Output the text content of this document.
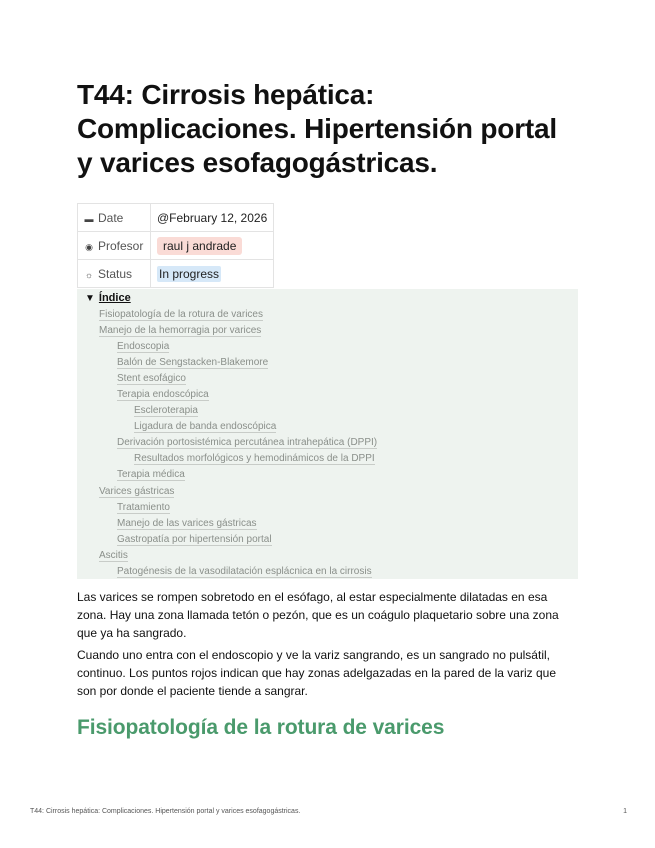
T44: Cirrosis hepática: Complicaciones. Hipertensión portal y varices esofagogástricas.
▬ Date	@February 12, 2026
◉ Profesor	raul j andrade
☼ Status	In progress
▼ Índice
Fisiopatología de la rotura de varices
Manejo de la hemorragia por varices
Endoscopia
Balón de Sengstacken-Blakemore
Stent esofágico
Terapia endoscópica
Escleroterapia
Ligadura de banda endoscópica
Derivación portosistémica percutánea intrahepática (DPPI)
Resultados morfológicos y hemodinámicos de la DPPI
Terapia médica
Varices gástricas
Tratamiento
Manejo de las varices gástricas
Gastropatía por hipertensión portal
Ascitis
Patogénesis de la vasodilatación esplácnica en la cirrosis

Las varices se rompen sobretodo en el esófago, al estar especialmente dilatadas en esa zona. Hay una zona llamada tetón o pezón, que es un coágulo plaquetario sobre una zona que ya ha sangrado.

Cuando uno entra con el endoscopio y ve la variz sangrando, es un sangrado no pulsátil, continuo. Los puntos rojos indican que hay zonas adelgazadas en la pared de la variz que son por donde el paciente tiende a sangrar.

Fisiopatología de la rotura de varices
T44: Cirrosis hepática: Complicaciones. Hipertensión portal y varices esofagogástricas.	1
